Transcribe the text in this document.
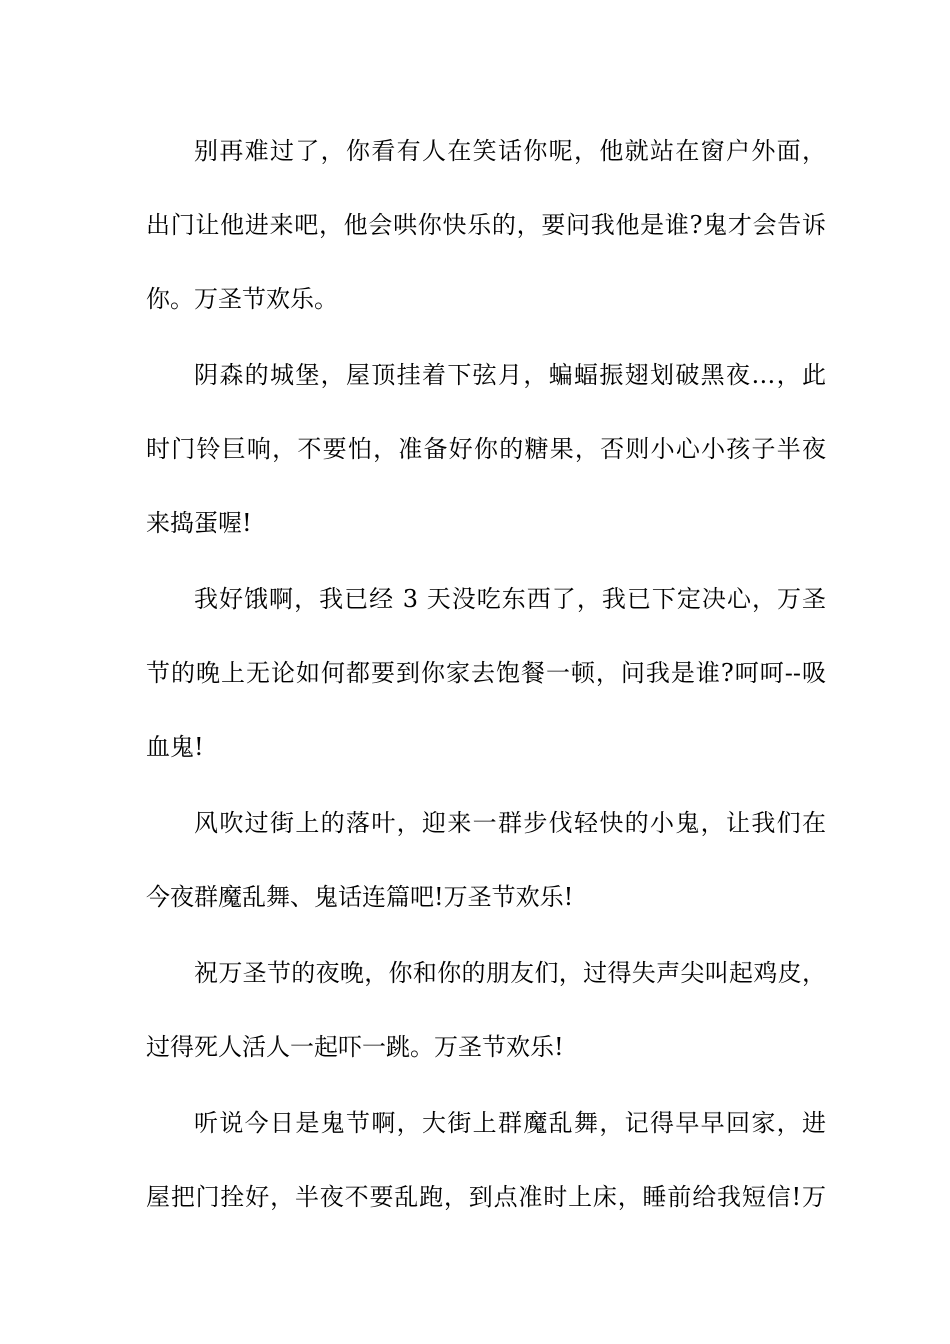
别再难过了，你看有人在笑话你呢，他就站在窗户外面，
出门让他进来吧，他会哄你快乐的，要问我他是谁?鬼才会告诉
你。万圣节欢乐。
阴森的城堡，屋顶挂着下弦月，蝙蝠振翅划破黑夜…，此
时门铃巨响，不要怕，准备好你的糖果，否则小心小孩子半夜
来捣蛋喔!
我好饿啊，我已经 3 天没吃东西了，我已下定决心，万圣
节的晚上无论如何都要到你家去饱餐一顿，问我是谁?呵呵--吸
血鬼!
风吹过街上的落叶，迎来一群步伐轻快的小鬼，让我们在
今夜群魔乱舞、鬼话连篇吧!万圣节欢乐!
祝万圣节的夜晚，你和你的朋友们，过得失声尖叫起鸡皮，
过得死人活人一起吓一跳。万圣节欢乐!
听说今日是鬼节啊，大街上群魔乱舞，记得早早回家，进
屋把门拴好，半夜不要乱跑，到点准时上床，睡前给我短信!万
